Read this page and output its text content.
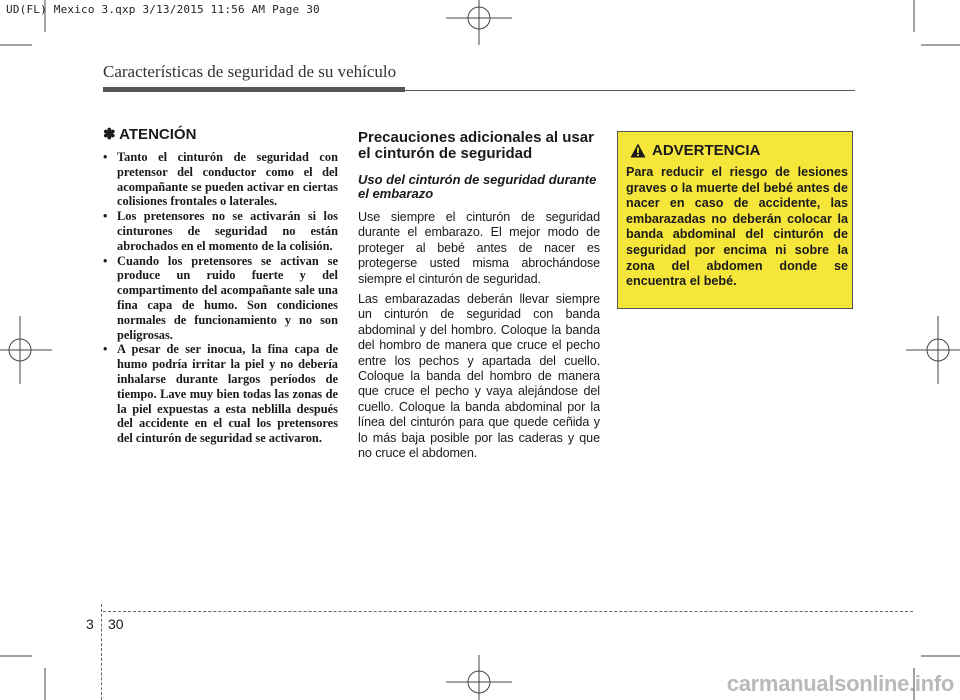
UD(FL) Mexico 3.qxp 3/13/2015 11:56 AM Page 30
Características de seguridad de su vehículo
✽ ATENCIÓN
• Tanto el cinturón de seguridad con pretensor del conductor como el del acompañante se pueden activar en ciertas colisiones frontales o laterales.
• Los pretensores no se activarán si los cinturones de seguridad no están abrochados en el momento de la colisión.
• Cuando los pretensores se activan se produce un ruido fuerte y del compartimento del acompañante sale una fina capa de humo. Son condiciones normales de funcionamiento y no son peligrosas.
• A pesar de ser inocua, la fina capa de humo podría irritar la piel y no debería inhalarse durante largos períodos de tiempo. Lave muy bien todas las zonas de la piel expuestas a esta neblilla después del accidente en el cual los pretensores del cinturón de seguridad se activaron.
Precauciones adicionales al usar el cinturón de seguridad
Uso del cinturón de seguridad durante el embarazo

Use siempre el cinturón de seguridad durante el embarazo. El mejor modo de proteger al bebé antes de nacer es protegerse usted misma abrochándose siempre el cinturón de seguridad.

Las embarazadas deberán llevar siempre un cinturón de seguridad con banda abdominal y del hombro. Coloque la banda del hombro de manera que cruce el pecho entre los pechos y apartada del cuello. Coloque la banda del hombro de manera que cruce el pecho y vaya alejándose del cuello. Coloque la banda abdominal por la línea del cinturón para que quede ceñida y lo más baja posible por las caderas y que no cruce el abdomen.

ADVERTENCIA
Para reducir el riesgo de lesiones graves o la muerte del bebé antes de nacer en caso de accidente, las embarazadas no deberán colocar la banda abdominal del cinturón de seguridad por encima ni sobre la zona del abdomen donde se encuentra el bebé.
3 30
carmanualsonline.info
